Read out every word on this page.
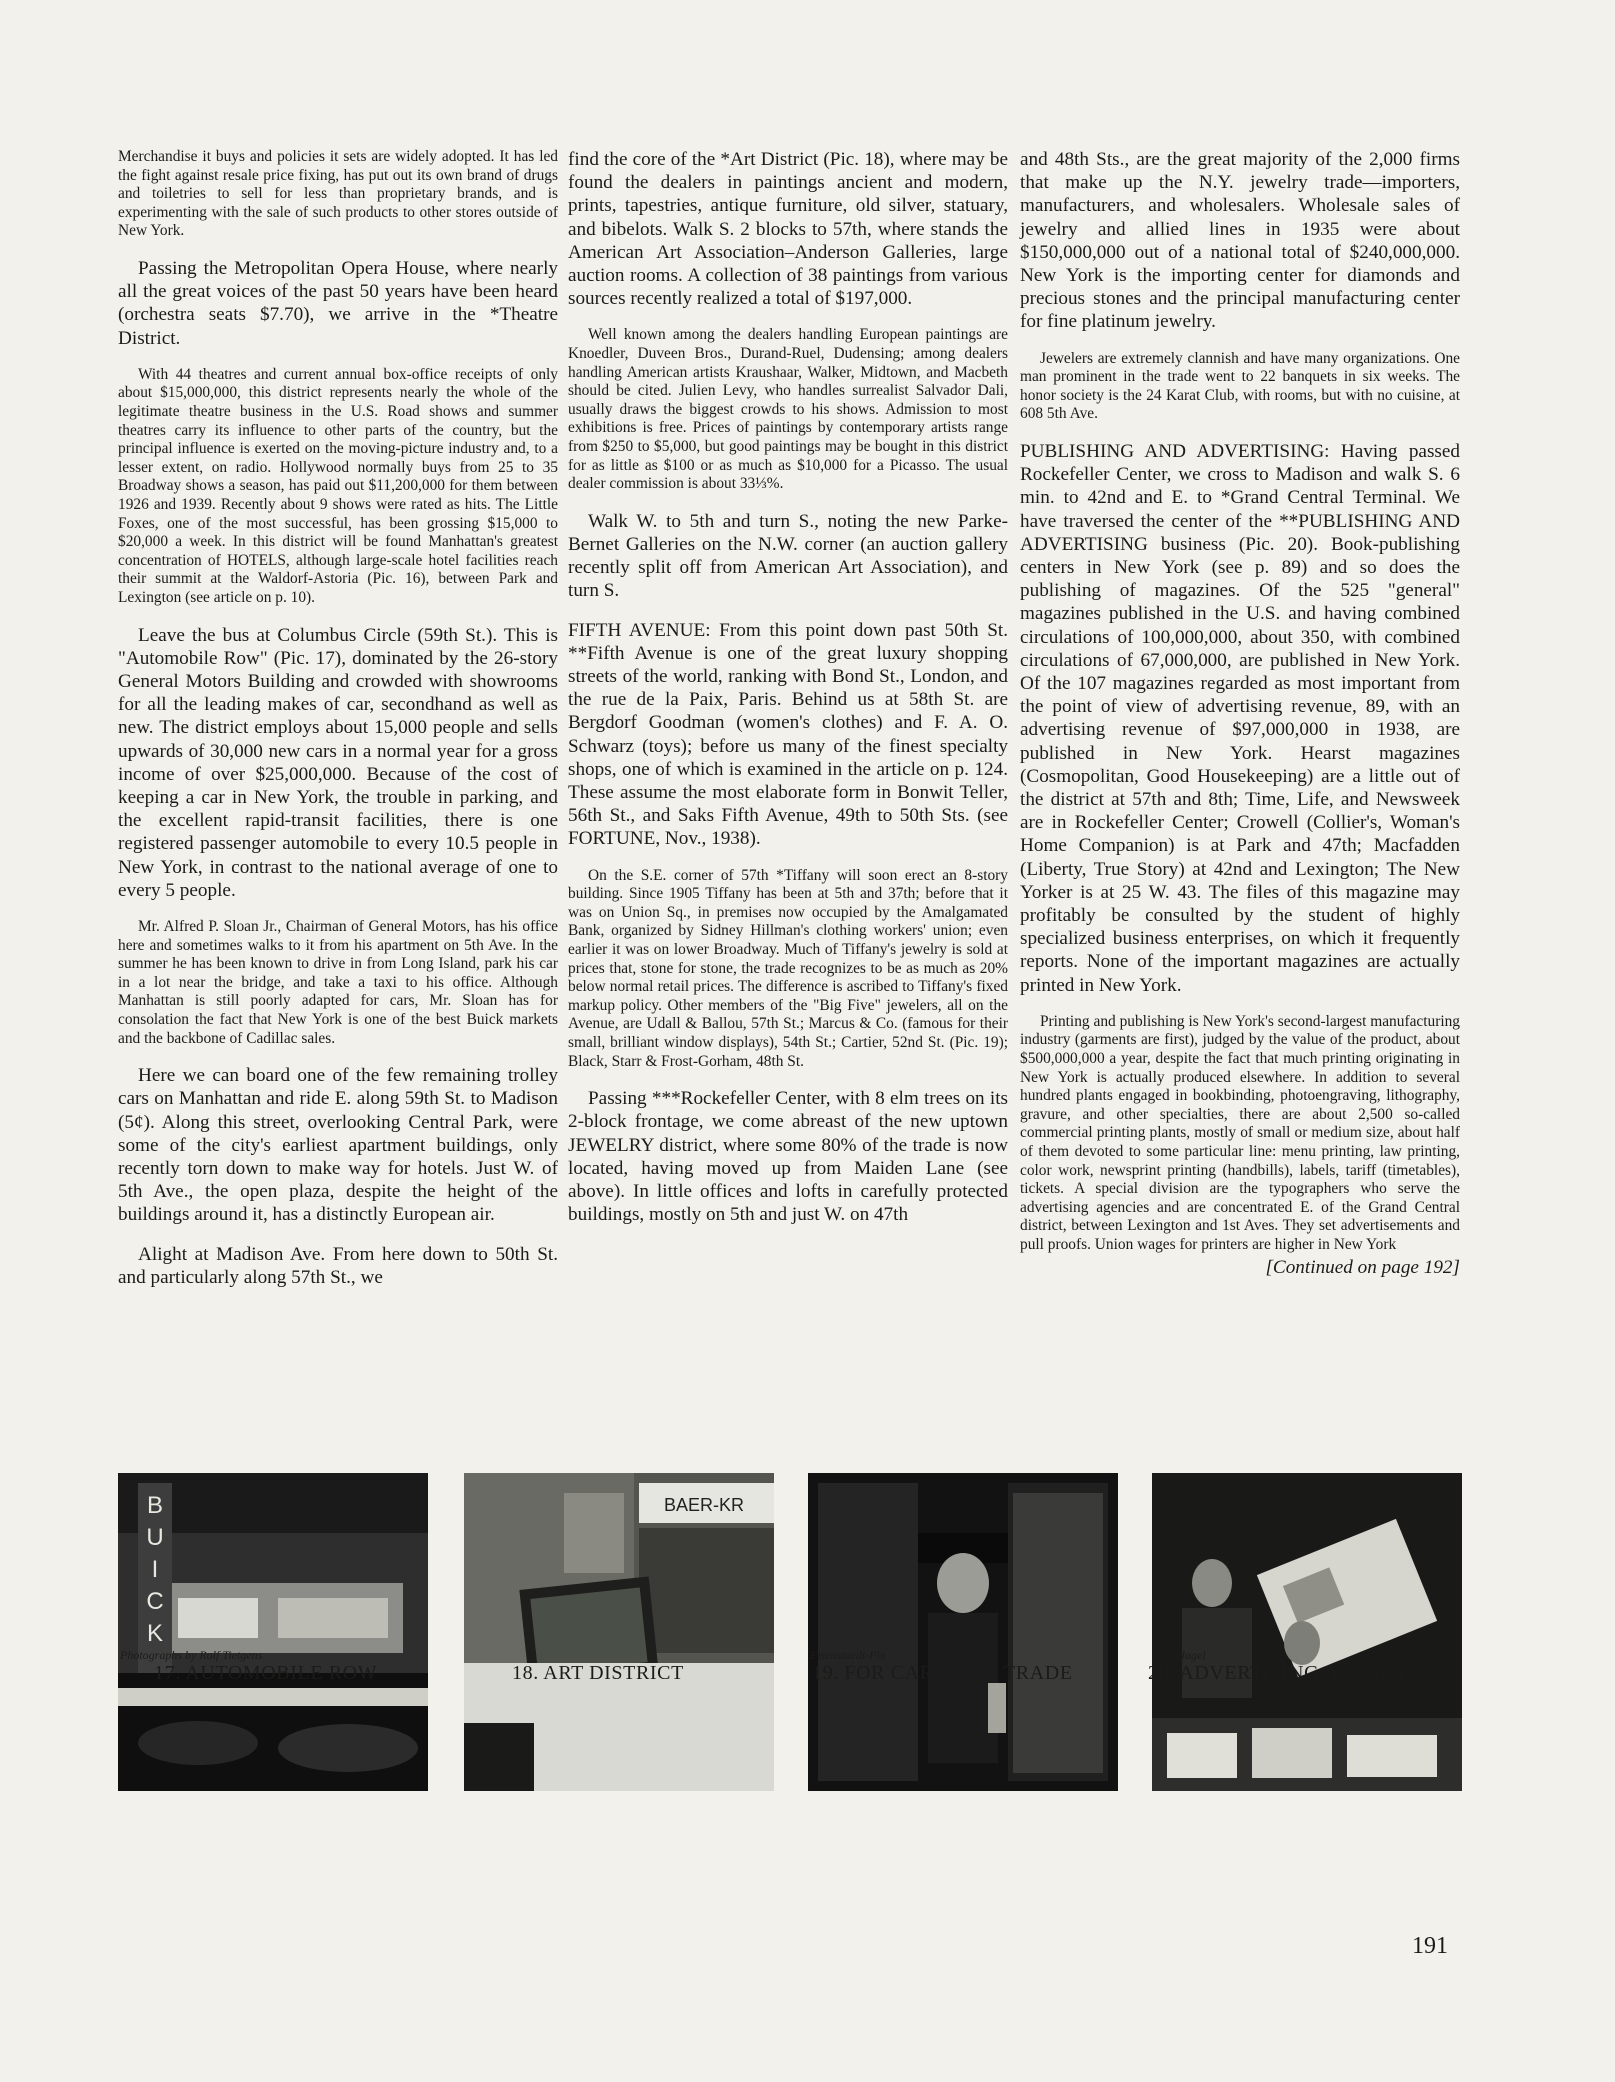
Merchandise it buys and policies it sets are widely adopted. It has led the fight against resale price fixing, has put out its own brand of drugs and toiletries to sell for less than proprietary brands, and is experimenting with the sale of such products to other stores outside of New York.

Passing the Metropolitan Opera House, where nearly all the great voices of the past 50 years have been heard (orchestra seats $7.70), we arrive in the *Theatre District.

With 44 theatres and current annual box-office receipts of only about $15,000,000, this district represents nearly the whole of the legitimate theatre business in the U.S. Road shows and summer theatres carry its influence to other parts of the country, but the principal influence is exerted on the moving-picture industry and, to a lesser extent, on radio. Hollywood normally buys from 25 to 35 Broadway shows a season, has paid out $11,200,000 for them between 1926 and 1939. Recently about 9 shows were rated as hits. The Little Foxes, one of the most successful, has been grossing $15,000 to $20,000 a week. In this district will be found Manhattan's greatest concentration of HOTELS, although large-scale hotel facilities reach their summit at the Waldorf-Astoria (Pic. 16), between Park and Lexington (see article on p. 10).

Leave the bus at Columbus Circle (59th St.). This is "Automobile Row" (Pic. 17), dominated by the 26-story General Motors Building and crowded with showrooms for all the leading makes of car, secondhand as well as new. The district employs about 15,000 people and sells upwards of 30,000 new cars in a normal year for a gross income of over $25,000,000. Because of the cost of keeping a car in New York, the trouble in parking, and the excellent rapid-transit facilities, there is one registered passenger automobile to every 10.5 people in New York, in contrast to the national average of one to every 5 people.

Mr. Alfred P. Sloan Jr., Chairman of General Motors, has his office here and sometimes walks to it from his apartment on 5th Ave. In the summer he has been known to drive in from Long Island, park his car in a lot near the bridge, and take a taxi to his office. Although Manhattan is still poorly adapted for cars, Mr. Sloan has for consolation the fact that New York is one of the best Buick markets and the backbone of Cadillac sales.

Here we can board one of the few remaining trolley cars on Manhattan and ride E. along 59th St. to Madison (5¢). Along this street, overlooking Central Park, were some of the city's earliest apartment buildings, only recently torn down to make way for hotels. Just W. of 5th Ave., the open plaza, despite the height of the buildings around it, has a distinctly European air.

Alight at Madison Ave. From here down to 50th St. and particularly along 57th St., we

find the core of the *Art District (Pic. 18), where may be found the dealers in paintings ancient and modern, prints, tapestries, antique furniture, old silver, statuary, and bibelots. Walk S. 2 blocks to 57th, where stands the American Art Association–Anderson Galleries, large auction rooms. A collection of 38 paintings from various sources recently realized a total of $197,000.

Well known among the dealers handling European paintings are Knoedler, Duveen Bros., Durand-Ruel, Dudensing; among dealers handling American artists Kraushaar, Walker, Midtown, and Macbeth should be cited. Julien Levy, who handles surrealist Salvador Dali, usually draws the biggest crowds to his shows. Admission to most exhibitions is free. Prices of paintings by contemporary artists range from $250 to $5,000, but good paintings may be bought in this district for as little as $100 or as much as $10,000 for a Picasso. The usual dealer commission is about 33⅓%.

Walk W. to 5th and turn S., noting the new Parke-Bernet Galleries on the N.W. corner (an auction gallery recently split off from American Art Association), and turn S.

FIFTH AVENUE: From this point down past 50th St. **Fifth Avenue is one of the great luxury shopping streets of the world, ranking with Bond St., London, and the rue de la Paix, Paris. Behind us at 58th St. are Bergdorf Goodman (women's clothes) and F. A. O. Schwarz (toys); before us many of the finest specialty shops, one of which is examined in the article on p. 124. These assume the most elaborate form in Bonwit Teller, 56th St., and Saks Fifth Avenue, 49th to 50th Sts. (see FORTUNE, Nov., 1938).

On the S.E. corner of 57th *Tiffany will soon erect an 8-story building. Since 1905 Tiffany has been at 5th and 37th; before that it was on Union Sq., in premises now occupied by the Amalgamated Bank, organized by Sidney Hillman's clothing workers' union; even earlier it was on lower Broadway. Much of Tiffany's jewelry is sold at prices that, stone for stone, the trade recognizes to be as much as 20% below normal retail prices. The difference is ascribed to Tiffany's fixed markup policy. Other members of the "Big Five" jewelers, all on the Avenue, are Udall & Ballou, 57th St.; Marcus & Co. (famous for their small, brilliant window displays), 54th St.; Cartier, 52nd St. (Pic. 19); Black, Starr & Frost-Gorham, 48th St.

Passing ***Rockefeller Center, with 8 elm trees on its 2-block frontage, we come abreast of the new uptown JEWELRY district, where some 80% of the trade is now located, having moved up from Maiden Lane (see above). In little offices and lofts in carefully protected buildings, mostly on 5th and just W. on 47th

and 48th Sts., are the great majority of the 2,000 firms that make up the N.Y. jewelry trade—importers, manufacturers, and wholesalers. Wholesale sales of jewelry and allied lines in 1935 were about $150,000,000 out of a national total of $240,000,000. New York is the importing center for diamonds and precious stones and the principal manufacturing center for fine platinum jewelry.

Jewelers are extremely clannish and have many organizations. One man prominent in the trade went to 22 banquets in six weeks. The honor society is the 24 Karat Club, with rooms, but with no cuisine, at 608 5th Ave.

PUBLISHING AND ADVERTISING: Having passed Rockefeller Center, we cross to Madison and walk S. 6 min. to 42nd and E. to *Grand Central Terminal. We have traversed the center of the **PUBLISHING AND ADVERTISING business (Pic. 20). Book-publishing centers in New York (see p. 89) and so does the publishing of magazines. Of the 525 "general" magazines published in the U.S. and having combined circulations of 100,000,000, about 350, with combined circulations of 67,000,000, are published in New York. Of the 107 magazines regarded as most important from the point of view of advertising revenue, 89, with an advertising revenue of $97,000,000 in 1938, are published in New York. Hearst magazines (Cosmopolitan, Good Housekeeping) are a little out of the district at 57th and 8th; Time, Life, and Newsweek are in Rockefeller Center; Crowell (Collier's, Woman's Home Companion) is at Park and 47th; Macfadden (Liberty, True Story) at 42nd and Lexington; The New Yorker is at 25 W. 43. The files of this magazine may profitably be consulted by the student of highly specialized business enterprises, on which it frequently reports. None of the important magazines are actually printed in New York.

Printing and publishing is New York's second-largest manufacturing industry (garments are first), judged by the value of the product, about $500,000,000 a year, despite the fact that much printing originating in New York is actually produced elsewhere. In addition to several hundred plants engaged in bookbinding, photoengraving, lithography, gravure, and other specialties, there are about 2,500 so-called commercial printing plants, mostly of small or medium size, about half of them devoted to some particular line: menu printing, law printing, color work, newsprint printing (handbills), labels, tariff (timetables), tickets. A special division are the typographers who serve the advertising agencies and are concentrated E. of the Grand Central district, between Lexington and 1st Aves. They set advertisements and pull proofs. Union wages for printers are higher in New York

[Continued on page 192]

B
U
I
C
K
BAER-KR
Photographs by Rolf Tietgens
17. AUTOMOBILE ROW	18. ART DISTRICT
Eisenstaedt-Pix
19. FOR CARRIAGE TRADE
Otto Hagel
20. ADVERTISING AGENCY
191
